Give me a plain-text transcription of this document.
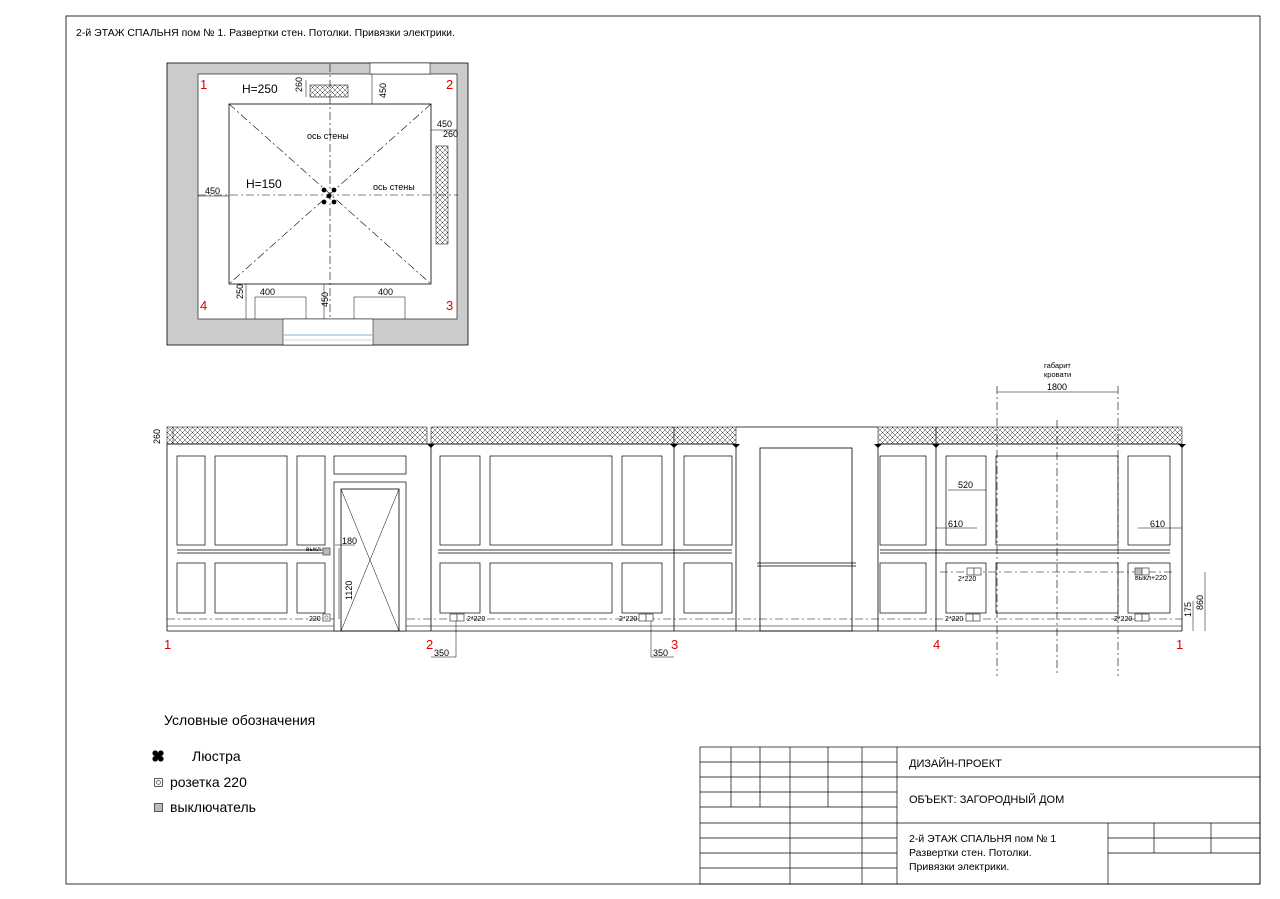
2-й ЭТАЖ СПАЛЬНЯ пом № 1. Развертки стен. Потолки. Привязки электрики.
1	2
3
4
H=250
H=150
ось стены
ось стены
260	450
450
260
450
250 400	450	400
1	2	3	4	1
габарит
кровати
1800
260
180
1120
520
610	610
175 860
350	350
выкл
220	2*220	2*220
2*220
2*220	2*220
выкл+220
Условные обозначения
Люстра
розетка 220
выключатель
ДИЗАЙН-ПРОЕКТ
ОБЪЕКТ: ЗАГОРОДНЫЙ ДОМ
2-й ЭТАЖ СПАЛЬНЯ пом № 1
Развертки стен. Потолки.
Привязки электрики.
